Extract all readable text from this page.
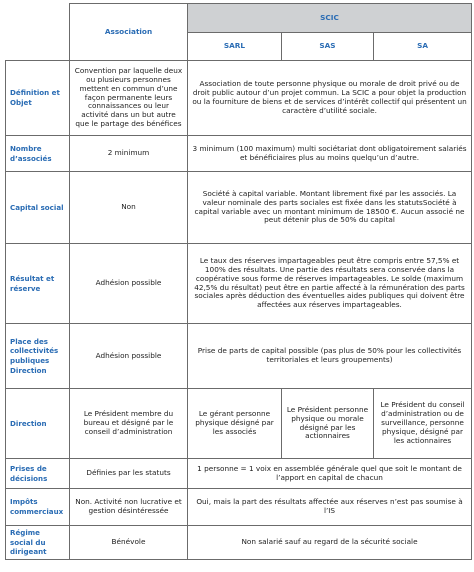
	Association	SCIC		
		SARL	SAS	SA
Définition et Objet	Convention par laquelle deux ou plusieurs personnes mettent en commun d’une façon permanente leurs connaissances ou leur activité dans un but autre que le partage des bénéfices	Association de toute personne physique ou morale de droit privé ou de droit public autour d’un projet commun. La SCIC a pour objet la production ou la fourniture de biens et de services d’intérêt collectif qui présentent un caractère d’utilité sociale.		
Nombre d’associés	2 minimum	3 minimum (100 maximum) multi sociétariat dont obligatoirement salariés et bénéficiaires plus au moins quelqu’un d’autre.		
Capital social	Non	Société à capital variable. Montant librement fixé par les associés. La valeur nominale des parts sociales est fixée dans les statutsSociété à capital variable avec un montant minimum de 18500 €. Aucun associé ne peut détenir plus de 50% du capital		
Résultat et réserve	Adhésion possible	Le taux des réserves impartageables peut être compris entre 57,5% et 100% des résultats. Une partie des résultats sera conservée dans la coopérative sous forme de réserves impartageables. Le solde (maximum 42,5% du résultat) peut être en partie affecté à la rémunération des parts sociales après déduction des éventuelles aides publiques qui doivent être affectées aux réserves impartageables.		
Place des collectivités publiques Direction	Adhésion possible	Prise de parts de capital possible (pas plus de 50% pour les collectivités territoriales et leurs groupements)		
Direction	Le Président membre du bureau et désigné par le conseil d’administration	Le gérant personne physique désigné par les associés	Le Président personne physique ou morale désigné par les actionnaires	Le Président du conseil d’administration ou de surveillance, personne physique, désigné par les actionnaires
Prises de décisions	Définies par les statuts	1 personne = 1 voix en assemblée générale quel que soit le montant de l’apport en capital de chacun		
Impôts commerciaux	Non. Activité non lucrative et gestion désintéressée	Oui, mais la part des résultats affectée aux réserves n’est pas soumise à l’IS		
Régime social du dirigeant	Bénévole	Non salarié sauf au regard de la sécurité sociale		
